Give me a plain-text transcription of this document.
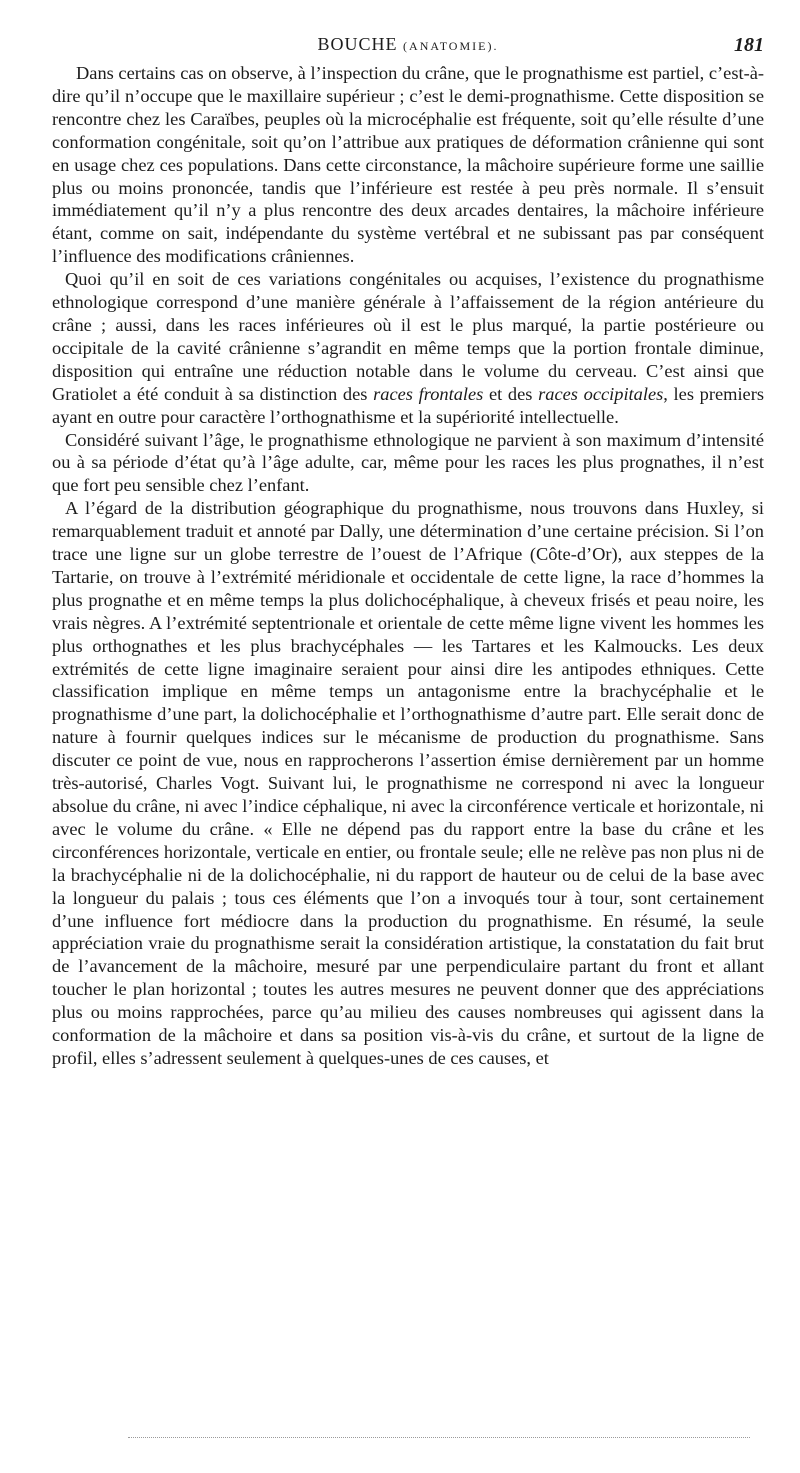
BOUCHE (ANATOMIE).	181

Dans certains cas on observe, à l’inspection du crâne, que le prognathisme est partiel, c’est-à-dire qu’il n’occupe que le maxillaire supérieur ; c’est le demi-prognathisme. Cette disposition se rencontre chez les Caraïbes, peuples où la microcéphalie est fréquente, soit qu’elle résulte d’une conformation congénitale, soit qu’on l’attribue aux pratiques de déformation crânienne qui sont en usage chez ces populations. Dans cette circonstance, la mâchoire supérieure forme une saillie plus ou moins prononcée, tandis que l’inférieure est restée à peu près normale. Il s’ensuit immédiatement qu’il n’y a plus rencontre des deux arcades dentaires, la mâchoire inférieure étant, comme on sait, indépendante du système vertébral et ne subissant pas par conséquent l’influence des modifications crâniennes.

Quoi qu’il en soit de ces variations congénitales ou acquises, l’existence du prognathisme ethnologique correspond d’une manière générale à l’affaissement de la région antérieure du crâne ; aussi, dans les races inférieures où il est le plus marqué, la partie postérieure ou occipitale de la cavité crânienne s’agrandit en même temps que la portion frontale diminue, disposition qui entraîne une réduction notable dans le volume du cerveau. C’est ainsi que Gratiolet a été conduit à sa distinction des races frontales et des races occipitales, les premiers ayant en outre pour caractère l’orthognathisme et la supériorité intellectuelle.

Considéré suivant l’âge, le prognathisme ethnologique ne parvient à son maximum d’intensité ou à sa période d’état qu’à l’âge adulte, car, même pour les races les plus prognathes, il n’est que fort peu sensible chez l’enfant.

A l’égard de la distribution géographique du prognathisme, nous trouvons dans Huxley, si remarquablement traduit et annoté par Dally, une détermination d’une certaine précision. Si l’on trace une ligne sur un globe terrestre de l’ouest de l’Afrique (Côte-d’Or), aux steppes de la Tartarie, on trouve à l’extrémité méridionale et occidentale de cette ligne, la race d’hommes la plus prognathe et en même temps la plus dolichocéphalique, à cheveux frisés et peau noire, les vrais nègres. A l’extrémité septentrionale et orientale de cette même ligne vivent les hommes les plus orthognathes et les plus brachycéphales — les Tartares et les Kalmoucks. Les deux extrémités de cette ligne imaginaire seraient pour ainsi dire les antipodes ethniques. Cette classification implique en même temps un antagonisme entre la brachycéphalie et le prognathisme d’une part, la dolichocéphalie et l’orthognathisme d’autre part. Elle serait donc de nature à fournir quelques indices sur le mécanisme de production du prognathisme. Sans discuter ce point de vue, nous en rapprocherons l’assertion émise dernièrement par un homme très-autorisé, Charles Vogt. Suivant lui, le prognathisme ne correspond ni avec la longueur absolue du crâne, ni avec l’indice céphalique, ni avec la circonférence verticale et horizontale, ni avec le volume du crâne. « Elle ne dépend pas du rapport entre la base du crâne et les circonférences horizontale, verticale en entier, ou frontale seule; elle ne relève pas non plus ni de la brachycéphalie ni de la dolichocéphalie, ni du rapport de hauteur ou de celui de la base avec la longueur du palais ; tous ces éléments que l’on a invoqués tour à tour, sont certainement d’une influence fort médiocre dans la production du prognathisme. En résumé, la seule appréciation vraie du prognathisme serait la considération artistique, la constatation du fait brut de l’avancement de la mâchoire, mesuré par une perpendiculaire partant du front et allant toucher le plan horizontal ; toutes les autres mesures ne peuvent donner que des appréciations plus ou moins rapprochées, parce qu’au milieu des causes nombreuses qui agissent dans la conformation de la mâchoire et dans sa position vis-à-vis du crâne, et surtout de la ligne de profil, elles s’adressent seulement à quelques-unes de ces causes, et
